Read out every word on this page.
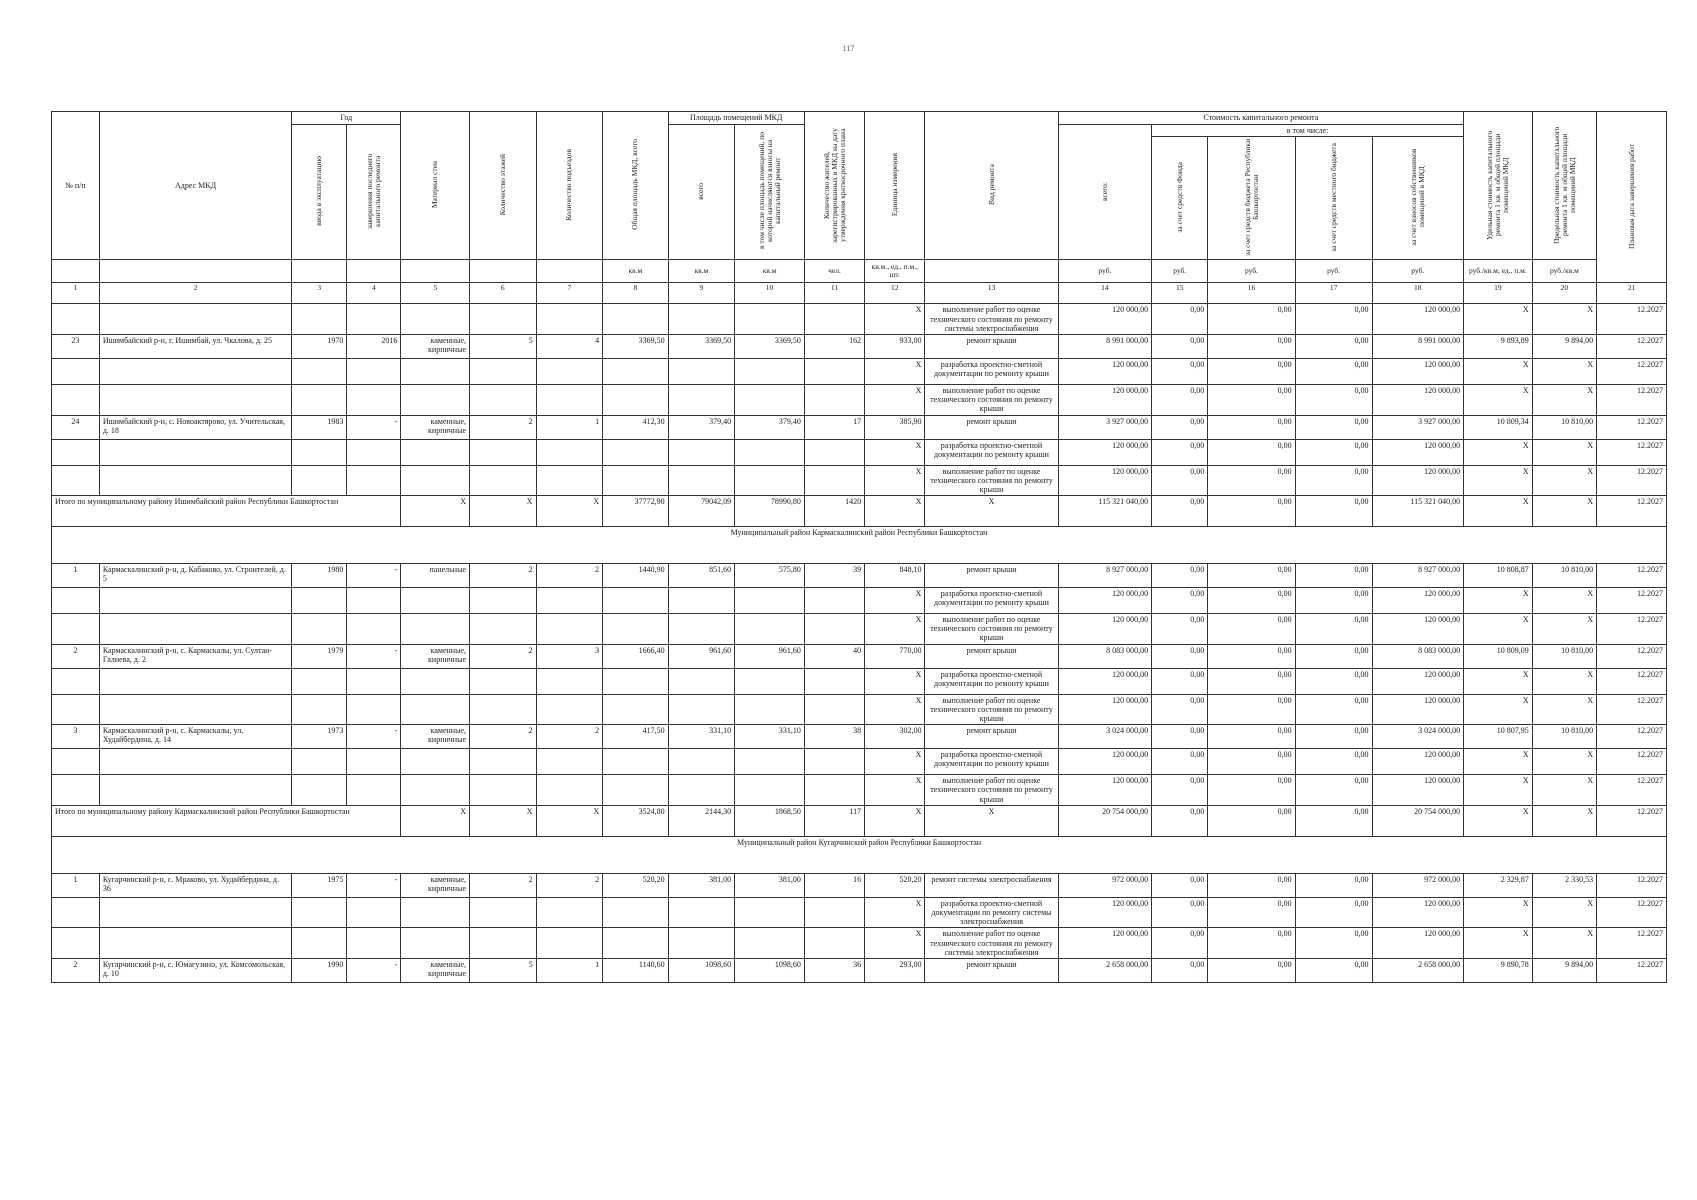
117
№ п/п	Адрес МКД	Год		Материал стен	Количество этажей	Количество подъездов	Общая площадь МКД, всего	Площадь помещений МКД		Количество жителей, зарегистрированных в МКД на дату утверждения краткосрочного плана	Единица измерения	Вид ремонта	Стоимость капитального ремонта					Удельная стоимость капитального ремонта 1 кв. м общей площади помещений МКД	Предельная стоимость капитального ремонта 1 кв. м общей площади помещений МКД	Плановая дата завершения работ
		ввода в эксплуатацию	завершения последнего капитального ремонта					всего	в том числе площадь помещений, по которой начисляются взносы на капитальный ремонт				всего:	в том числе:						
														за счет средств Фонда	за счет средств бюджета Республики Башкортостан	за счет средств местного бюджета	за счет взносов собственников помещений в МКД			
							кв.м	кв.м	кв.м	чел.	кв.м., ед., п.м., шт.		руб.	руб.	руб.	руб.	руб.	руб./кв.м, ед., п.м.	руб./кв.м	
1	2	3	4	5	6	7	8	9	10	11	12	13	14	15	16	17	18	19	20	21
											X	выполнение работ по оценке технического состояния по ремонту системы электроснабжения	120 000,00	0,00	0,00	0,00	120 000,00	X	X	12.2027
23	Ишимбайский р-н, г. Ишимбай, ул. Чкалова, д. 25	1970	2016	каменные, кирпичные	5	4	3369,50	3369,50	3369,50	162	933,00	ремонт крыши	8 991 000,00	0,00	0,00	0,00	8 991 000,00	9 893,89	9 894,00	12.2027
											X	разработка проектно-сметной документации по ремонту крыши	120 000,00	0,00	0,00	0,00	120 000,00	X	X	12.2027
											X	выполнение работ по оценке технического состояния по ремонту крыши	120 000,00	0,00	0,00	0,00	120 000,00	X	X	12.2027
24	Ишимбайский р-н, с. Новоактярово, ул. Учительская, д. 18	1983	-	каменные, кирпичные	2	1	412,30	379,40	379,40	17	385,90	ремонт крыши	3 927 000,00	0,00	0,00	0,00	3 927 000,00	10 809,34	10 810,00	12.2027
											X	разработка проектно-сметной документации по ремонту крыши	120 000,00	0,00	0,00	0,00	120 000,00	X	X	12.2027
											X	выполнение работ по оценке технического состояния по ремонту крыши	120 000,00	0,00	0,00	0,00	120 000,00	X	X	12.2027
Итого по муниципальному району Ишимбайский район Республики Башкортостан				X	X	X	37772,90	79042,09	78990,80	1420	X	X	115 321 040,00	0,00	0,00	0,00	115 321 040,00	X	X	12.2027
Муниципальный район Кармаскалинский район Республики Башкортостан																				
1	Кармаскалинский р-н, д. Кабаково, ул. Строителей, д. 5	1980	-	панельные	2	2	1440,90	851,60	575,80	39	848,10	ремонт крыши	8 927 000,00	0,00	0,00	0,00	8 927 000,00	10 808,87	10 810,00	12.2027
											X	разработка проектно-сметной документации по ремонту крыши	120 000,00	0,00	0,00	0,00	120 000,00	X	X	12.2027
											X	выполнение работ по оценке технического состояния по ремонту крыши	120 000,00	0,00	0,00	0,00	120 000,00	X	X	12.2027
2	Кармаскалинский р-н, с. Кармаскалы, ул. Султан-Галиева, д. 2	1979	-	каменные, кирпичные	2	3	1666,40	961,60	961,60	40	770,00	ремонт крыши	8 083 000,00	0,00	0,00	0,00	8 083 000,00	10 809,09	10 810,00	12.2027
											X	разработка проектно-сметной документации по ремонту крыши	120 000,00	0,00	0,00	0,00	120 000,00	X	X	12.2027
											X	выполнение работ по оценке технического состояния по ремонту крыши	120 000,00	0,00	0,00	0,00	120 000,00	X	X	12.2027
3	Кармаскалинский р-н, с. Кармаскалы, ул. Худайбердина, д. 14	1973	-	каменные, кирпичные	2	2	417,50	331,10	331,10	38	302,00	ремонт крыши	3 024 000,00	0,00	0,00	0,00	3 024 000,00	10 807,95	10 810,00	12.2027
											X	разработка проектно-сметной документации по ремонту крыши	120 000,00	0,00	0,00	0,00	120 000,00	X	X	12.2027
											X	выполнение работ по оценке технического состояния по ремонту крыши	120 000,00	0,00	0,00	0,00	120 000,00	X	X	12.2027
Итого по муниципальному району Кармаскалинский район Республики Башкортостан				X	X	X	3524,80	2144,30	1868,50	117	X	X	20 754 000,00	0,00	0,00	0,00	20 754 000,00	X	X	12.2027
Муниципальный район Кугарчинский район Республики Башкортостан																				
1	Кугарчинский р-н, с. Мраково, ул. Худайбердина, д. 36	1975	-	каменные, кирпичные	2	2	520,20	381,00	381,00	16	520,20	ремонт системы электроснабжения	972 000,00	0,00	0,00	0,00	972 000,00	2 329,87	2 330,53	12.2027
											X	разработка проектно-сметной документации по ремонту системы электроснабжения	120 000,00	0,00	0,00	0,00	120 000,00	X	X	12.2027
											X	выполнение работ по оценке технического состояния по ремонту системы электроснабжения	120 000,00	0,00	0,00	0,00	120 000,00	X	X	12.2027
2	Кугарчинский р-н, с. Юмагузино, ул. Комсомольская, д. 10	1990	-	каменные, кирпичные	5	1	1140,60	1098,60	1098,60	36	293,00	ремонт крыши	2 658 000,00	0,00	0,00	0,00	2 658 000,00	9 890,78	9 894,00	12.2027
